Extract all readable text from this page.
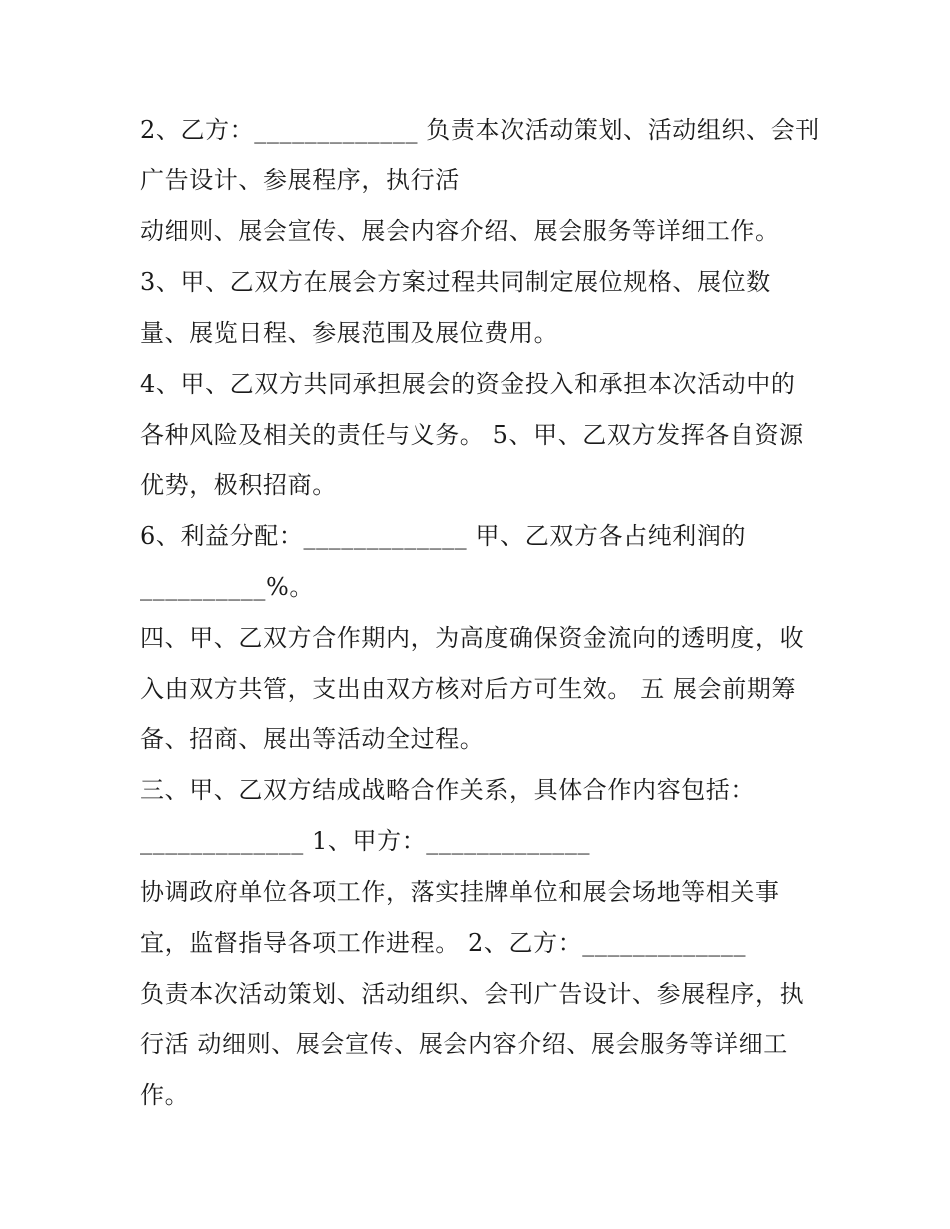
2、乙方：_____________ 负责本次活动策划、活动组织、会刊
广告设计、参展程序，执行活
动细则、展会宣传、展会内容介绍、展会服务等详细工作。
3、甲、乙双方在展会方案过程共同制定展位规格、展位数
量、展览日程、参展范围及展位费用。
4、甲、乙双方共同承担展会的资金投入和承担本次活动中的
各种风险及相关的责任与义务。 5、甲、乙双方发挥各自资源
优势，极积招商。
6、利益分配：_____________ 甲、乙双方各占纯利润的
__________%。
四、甲、乙双方合作期内，为高度确保资金流向的透明度，收
入由双方共管，支出由双方核对后方可生效。 五 展会前期筹
备、招商、展出等活动全过程。
三、甲、乙双方结成战略合作关系，具体合作内容包括：
_____________ 1、甲方：_____________
协调政府单位各项工作，落实挂牌单位和展会场地等相关事
宜，监督指导各项工作进程。 2、乙方：_____________
负责本次活动策划、活动组织、会刊广告设计、参展程序，执
行活 动细则、展会宣传、展会内容介绍、展会服务等详细工
作。
